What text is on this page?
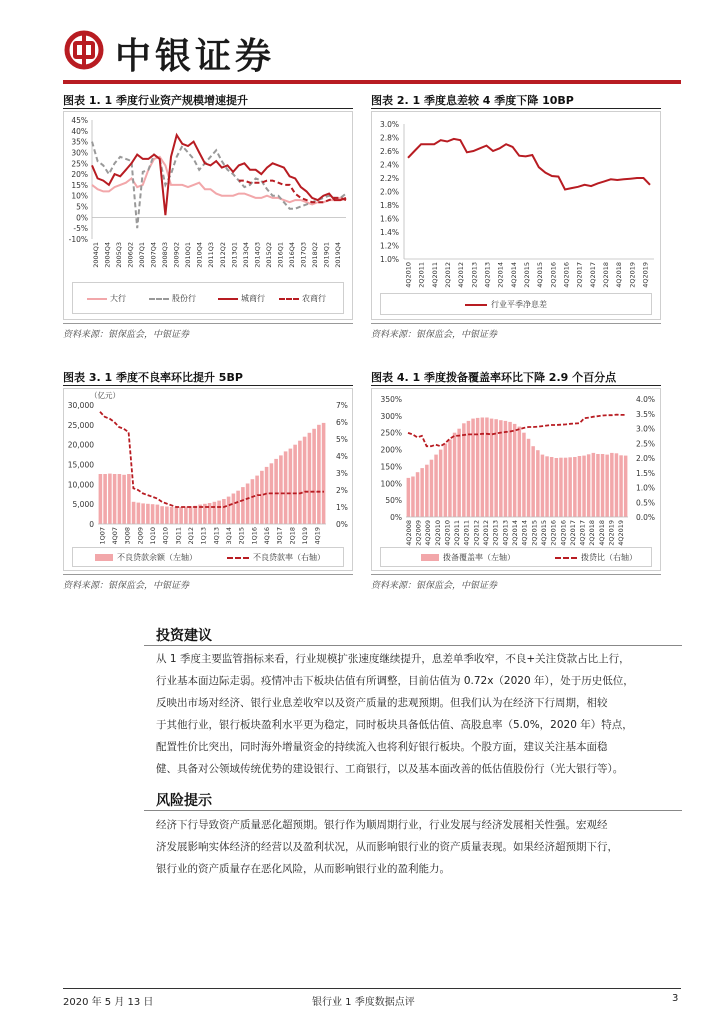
中银证券
图表 1. 1 季度行业资产规模增速提升
45%
40%
35%
30%
25%
20%
15%
10%
5%
0%
-5%
-10%
2004Q1 2004Q4 2005Q3 2006Q2 2007Q1 2007Q4 2008Q3 2009Q2 2010Q1 2010Q4 2011Q3 2012Q2 2013Q1 2013Q4 2014Q3 2015Q2 2016Q1 2016Q4 2017Q3 2018Q2 2019Q1 2019Q4
大行	股份行	城商行	农商行
资料来源：银保监会，中银证券
图表 2. 1 季度息差较 4 季度下降 10BP
3.0%
2.8%
2.6%
2.4%
2.2%
2.0%
1.8%
1.6%
1.4%
1.2%
1.0%
4Q2010 2Q2011 4Q2011 2Q2012 4Q2012 2Q2013 4Q2013 2Q2014 4Q2014 2Q2015 4Q2015 2Q2016 4Q2016 2Q2017 4Q2017 2Q2018 4Q2018 2Q2019 4Q2019
行业平季净息差
资料来源：银保监会，中银证券
图表 3. 1 季度不良率环比提升 5BP
（亿元）
30,000
25,000
20,000
15,000
10,000
5,000
0
7%
6%
5%
4%
3%
2%
1%
0%
1Q07 4Q07 3Q08 2Q09 1Q10 4Q10 3Q11 2Q12 1Q13 4Q13 3Q14 2Q15 1Q16 4Q16 3Q17 2Q18 1Q19 4Q19
不良贷款余额（左轴）	不良贷款率（右轴）
资料来源：银保监会，中银证券
图表 4. 1 季度拨备覆盖率环比下降 2.9 个百分点
350%
300%
250%
200%
150%
100%
50%
0%
4.0%
3.5%
3.0%
2.5%
2.0%
1.5%
1.0%
0.5%
0.0%
4Q2008 2Q2009 4Q2009 2Q2010 4Q2010 2Q2011 4Q2011 2Q2012 4Q2012 2Q2013 4Q2013 2Q2014 4Q2014 2Q2015 4Q2015 2Q2016 4Q2016 2Q2017 4Q2017 2Q2018 4Q2018 2Q2019 4Q2019
拨备覆盖率（左轴）	拨贷比（右轴）
资料来源：银保监会，中银证券
投资建议
从 1 季度主要监管指标来看，行业规模扩张速度继续提升，息差单季收窄，不良+关注贷款占比上行，
行业基本面边际走弱。疫情冲击下板块估值有所调整，目前估值为 0.72x（2020 年），处于历史低位，
反映出市场对经济、银行业息差收窄以及资产质量的悲观预期。但我们认为在经济下行周期，相较
于其他行业，银行板块盈利水平更为稳定，同时板块具备低估值、高股息率（5.0%，2020 年）特点，
配置性价比突出，同时海外增量资金的持续流入也将利好银行板块。个股方面，建议关注基本面稳
健、具备对公领域传统优势的建设银行、工商银行，以及基本面改善的低估值股份行（光大银行等）。
风险提示
经济下行导致资产质量恶化超预期。银行作为顺周期行业，行业发展与经济发展相关性强。宏观经
济发展影响实体经济的经营以及盈利状况，从而影响银行业的资产质量表现。如果经济超预期下行，
银行业的资产质量存在恶化风险，从而影响银行业的盈利能力。
2020 年 5 月 13 日	银行业 1 季度数据点评	3
